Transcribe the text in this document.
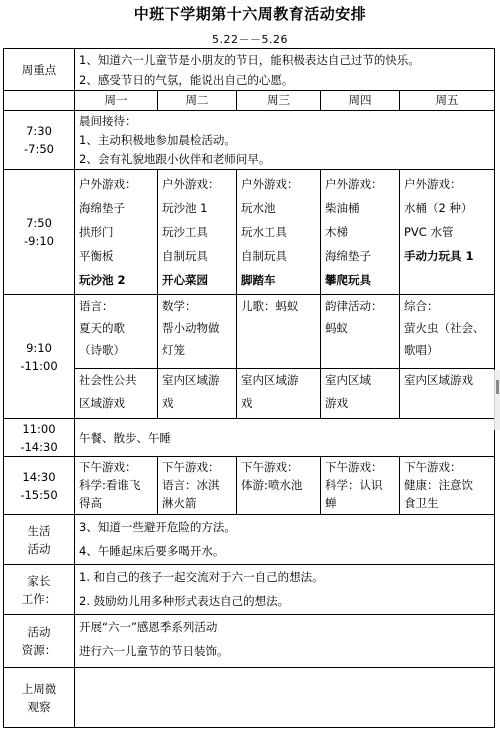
中班下学期第十六周教育活动安排
5.22－－5.26
周重点	1、知道六一儿童节是小朋友的节日，能积极表达自己过节的快乐。
2、感受节日的气氛，能说出自己的心愿。				

	周一	周二	周三	周四	周五

7:30
-7:50	晨间接待：
1、主动积极地参加晨检活动。
2、会有礼貌地跟小伙伴和老师问早。				

7:50
-9:10	户外游戏：
海绵垫子
拱形门
平衡板
玩沙池 2	户外游戏：
玩沙池 1
玩沙工具
自制玩具
开心菜园	户外游戏：
玩水池
玩水工具
自制玩具
脚踏车	户外游戏：
柴油桶
木梯
海绵垫子
攀爬玩具	户外游戏：
水桶（2 种）
PVC 水管
手动力玩具 1

9:10
-11:00	语言：
夏天的歌
（诗歌）	数学：
帮小动物做
灯笼	儿歌：蚂蚁	韵律活动：
蚂蚁	综合：
萤火虫（社会、
歌唱）

	社会性公共
区域游戏	室内区域游
戏	室内区域游
戏	室内区域
游戏	室内区域游戏

11:00
-14:30	午餐、散步、午睡				

14:30
-15:50	下午游戏：
科学:看谁飞
得高	下午游戏：
语言：冰淇
淋火箭	下午游戏：
体游:喷水池	下午游戏：
科学：认识
蝉	下午游戏：
健康：注意饮
食卫生

生活
活动	3、知道一些避开危险的方法。
4、午睡起床后要多喝开水。				

家长
工作：	1. 和自己的孩子一起交流对于六一自己的想法。
2. 鼓励幼儿用多种形式表达自己的想法。				

活动
资源：	开展“六一”感恩季系列活动
进行六一儿童节的节日装饰。				

上周微
观察					
